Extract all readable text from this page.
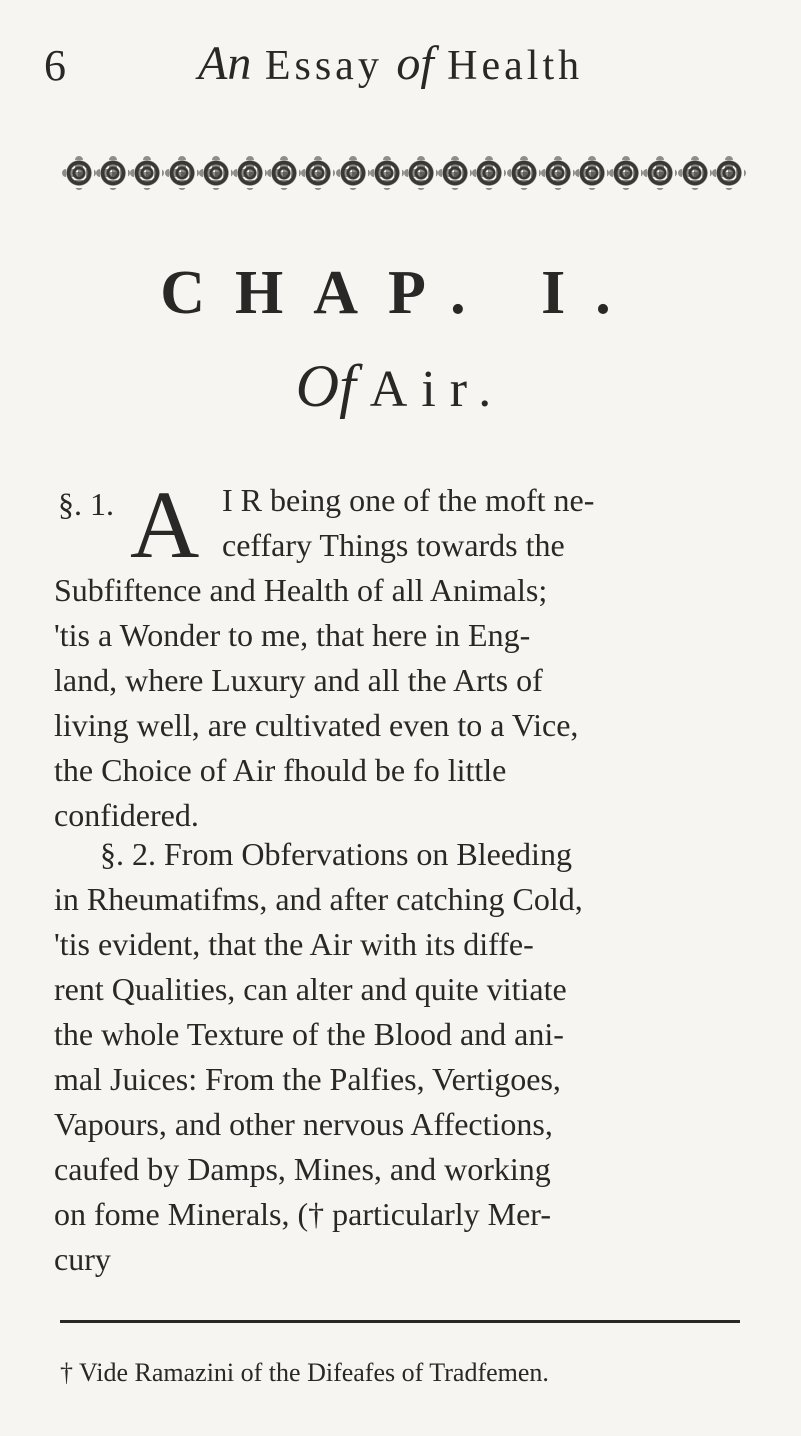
6	An Essay of Health
CHAP. I.
Of Air.
§. 1. A I R being one of the moft ne-
ceffary Things towards the
Subfiftence and Health of all Animals;
'tis a Wonder to me, that here in Eng-
land, where Luxury and all the Arts of
living well, are cultivated even to a Vice,
the Choice of Air fhould be fo little
confidered.
§. 2. From Obfervations on Bleeding
in Rheumatifms, and after catching Cold,
'tis evident, that the Air with its diffe-
rent Qualities, can alter and quite vitiate
the whole Texture of the Blood and ani-
mal Juices: From the Palfies, Vertigoes,
Vapours, and other nervous Affections,
caufed by Damps, Mines, and working
on fome Minerals, († particularly Mer-
cury
† Vide Ramazini of the Difeafes of Tradfemen.
